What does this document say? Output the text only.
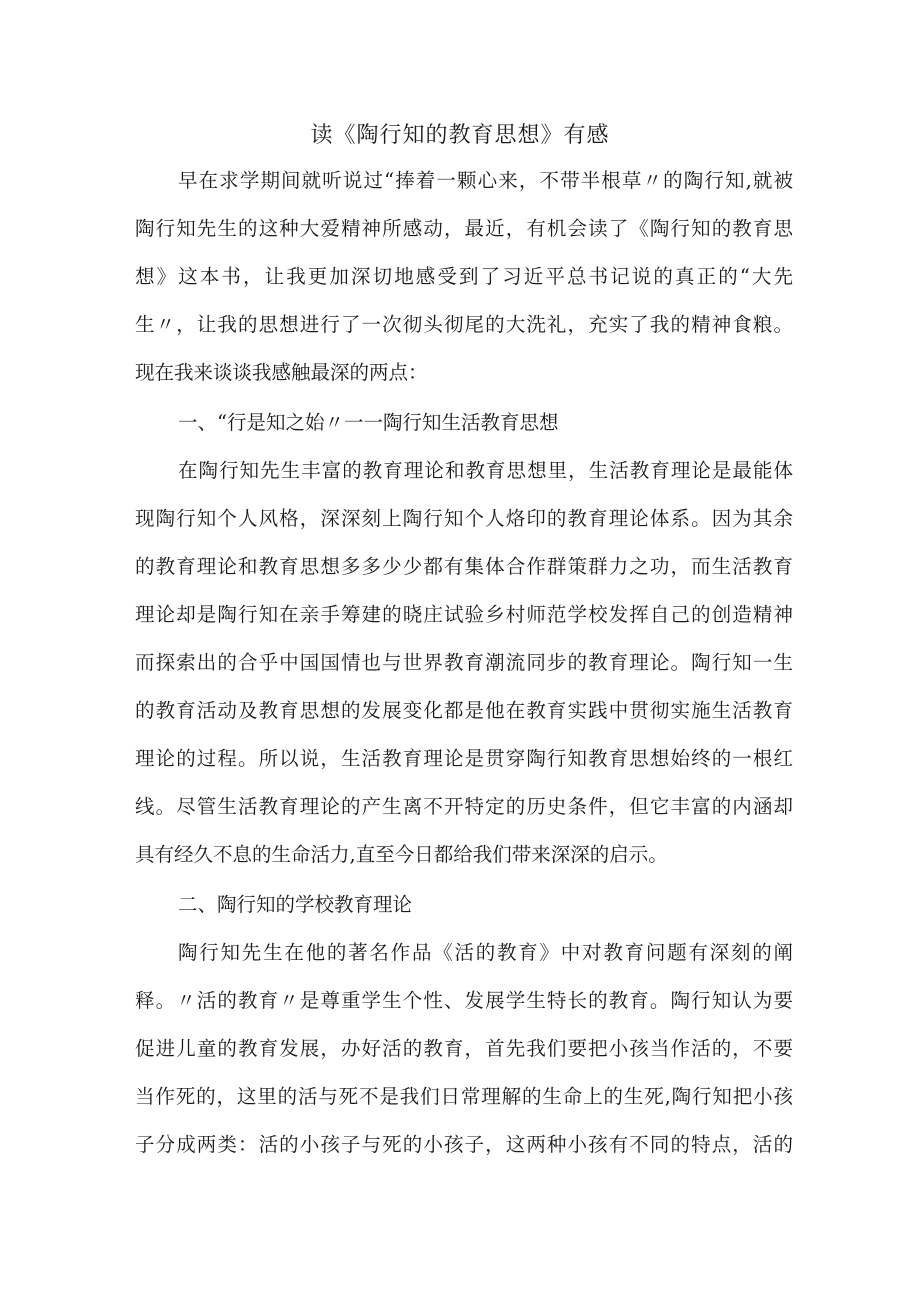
读《陶行知的教育思想》有感
早在求学期间就听说过“捧着一颗心来，不带半根草〃的陶行知,就被
陶行知先生的这种大爱精神所感动，最近，有机会读了《陶行知的教育思
想》这本书，让我更加深切地感受到了习近平总书记说的真正的“大先
生〃，让我的思想进行了一次彻头彻尾的大洗礼，充实了我的精神食粮。
现在我来谈谈我感触最深的两点：
一、“行是知之始〃一一陶行知生活教育思想
在陶行知先生丰富的教育理论和教育思想里，生活教育理论是最能体
现陶行知个人风格，深深刻上陶行知个人烙印的教育理论体系。因为其余
的教育理论和教育思想多多少少都有集体合作群策群力之功，而生活教育
理论却是陶行知在亲手筹建的晓庄试验乡村师范学校发挥自己的创造精神
而探索出的合乎中国国情也与世界教育潮流同步的教育理论。陶行知一生
的教育活动及教育思想的发展变化都是他在教育实践中贯彻实施生活教育
理论的过程。所以说，生活教育理论是贯穿陶行知教育思想始终的一根红
线。尽管生活教育理论的产生离不开特定的历史条件，但它丰富的内涵却
具有经久不息的生命活力,直至今日都给我们带来深深的启示。
二、陶行知的学校教育理论
陶行知先生在他的著名作品《活的教育》中对教育问题有深刻的阐
释。〃活的教育〃是尊重学生个性、发展学生特长的教育。陶行知认为要
促进儿童的教育发展，办好活的教育，首先我们要把小孩当作活的，不要
当作死的，这里的活与死不是我们日常理解的生命上的生死,陶行知把小孩
子分成两类：活的小孩子与死的小孩子，这两种小孩有不同的特点，活的
